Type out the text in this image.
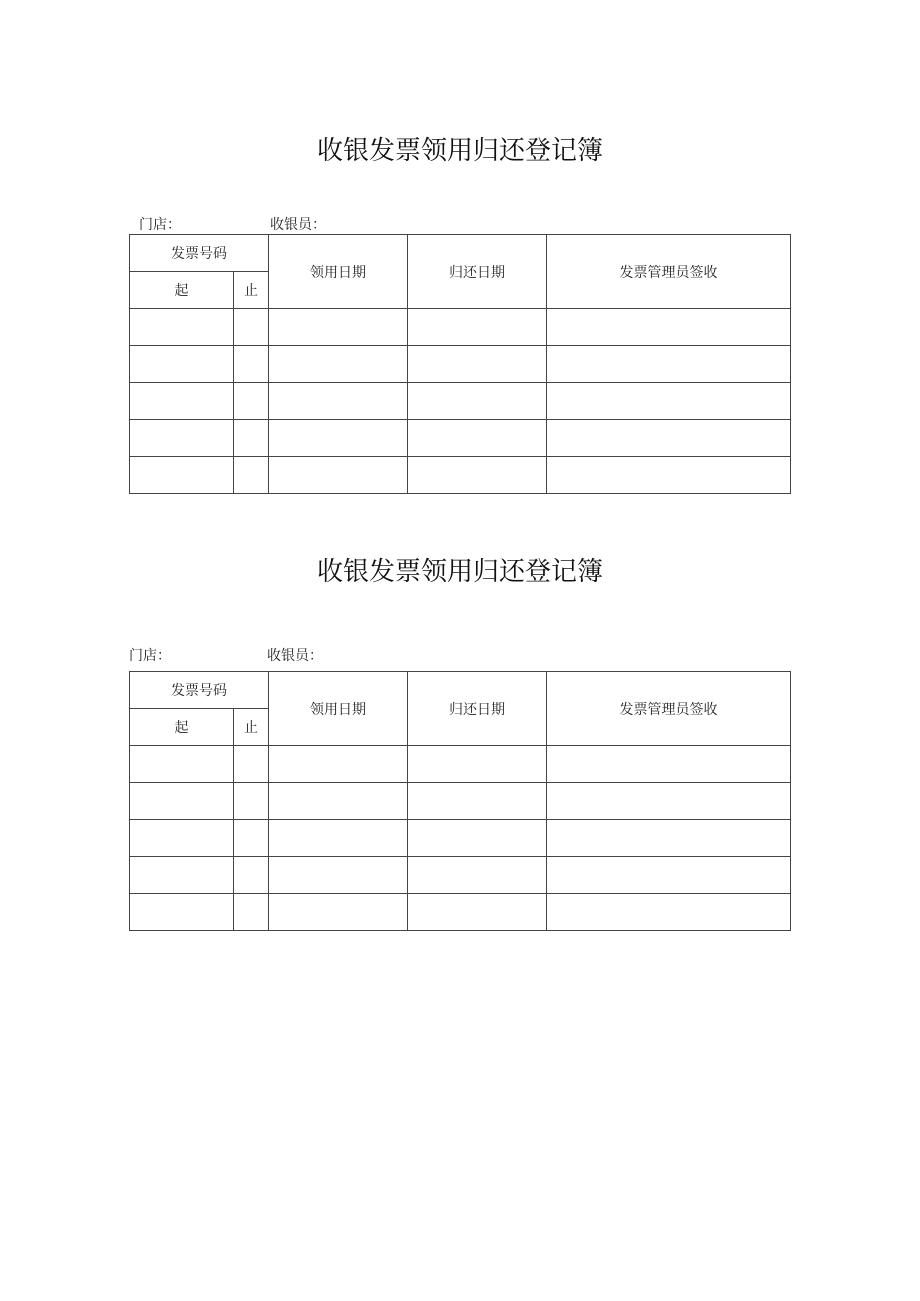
收银发票领用归还登记簿
门店：	收银员：
发票号码		领用日期	归还日期	发票管理员签收
起	止			

收银发票领用归还登记簿
门店：	收银员：
发票号码		领用日期	归还日期	发票管理员签收
起	止			
